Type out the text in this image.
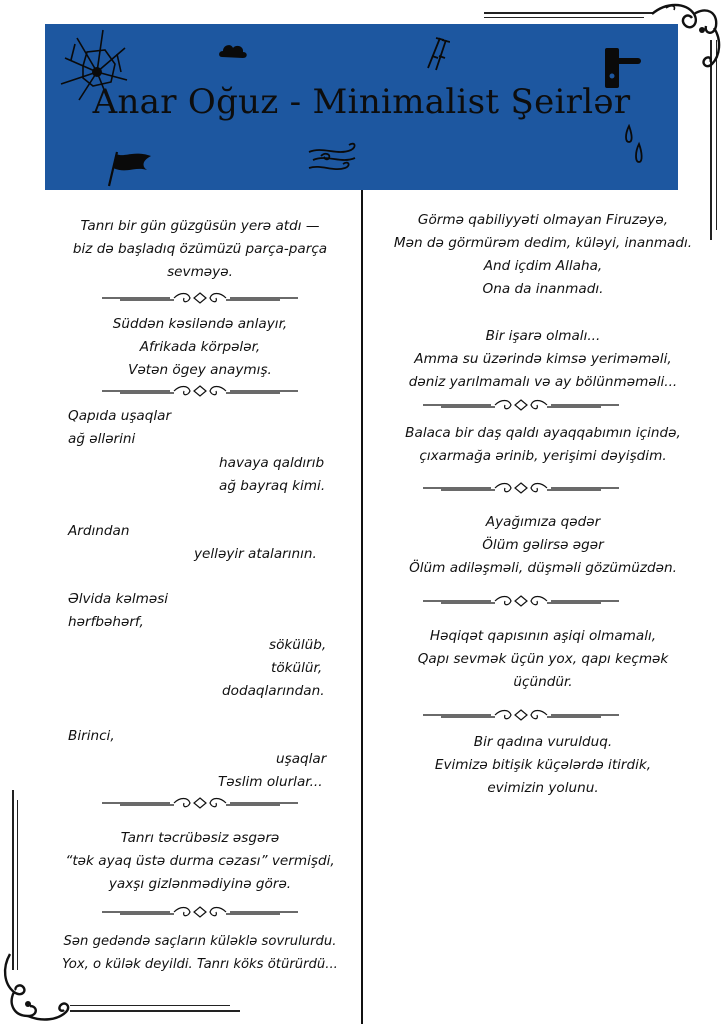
Anar Oğuz - Minimalist Şeirlər
Tanrı bir gün güzgüsün yerə atdı —
biz də başladıq özümüzü parça-parça
sevməyə.
Süddən kəsiləndə anlayır,
Afrikada körpələr,
Vətən ögey anaymış.
Qapıda uşaqlar
ağ əllərini
havaya qaldırıb
ağ bayraq kimi.
Ardından
yelləyir atalarının.
Əlvida kəlməsi
hərfbəhərf,
sökülüb,
tökülür,
dodaqlarından.
Birinci,
uşaqlar
Təslim olurlar...
Tanrı təcrübəsiz əsgərə
“tək ayaq üstə durma cəzası” vermişdi,
yaxşı gizlənmədiyinə görə.
Sən gedəndə saçların küləklə sovrulurdu.
Yox, o külək deyildi. Tanrı köks ötürürdü...
Görmə qabiliyyəti olmayan Firuzəyə,
Mən də görmürəm dedim, küləyi, inanmadı.
And içdim Allaha,
Ona da inanmadı.
Bir işarə olmalı...
Amma su üzərində kimsə yeriməməli,
dəniz yarılmamalı və ay bölünməməli...
Balaca bir daş qaldı ayaqqabımın içində,
çıxarmağa ərinib, yerişimi dəyişdim.
Ayağımıza qədər
Ölüm gəlirsə əgər
Ölüm adiləşməli, düşməli gözümüzdən.
Həqiqət qapısının aşiqi olmamalı,
Qapı sevmək üçün yox, qapı keçmək
üçündür.
Bir qadına vurulduq.
Evimizə bitişik küçələrdə itirdik,
evimizin yolunu.
